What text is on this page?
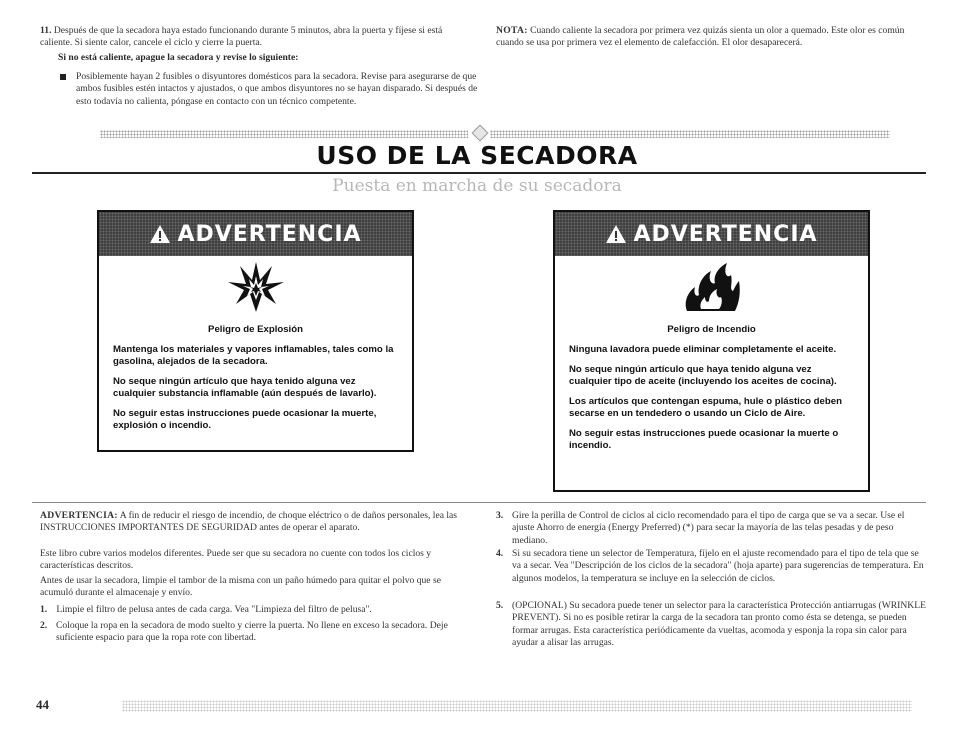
11. Después de que la secadora haya estado funcionando durante 5 minutos, abra la puerta y fíjese si está caliente. Si siente calor, cancele el ciclo y cierre la puerta.
Si no está caliente, apague la secadora y revise lo siguiente:
Posiblemente hayan 2 fusibles o disyuntores domésticos para la secadora. Revise para asegurarse de que ambos fusibles estén intactos y ajustados, o que ambos disyuntores no se hayan disparado. Si después de esto todavía no calienta, póngase en contacto con un técnico competente.
NOTA: Cuando caliente la secadora por primera vez quizás sienta un olor a quemado. Este olor es común cuando se usa por primera vez el elemento de calefacción. El olor desaparecerá.
USO DE LA SECADORA
Puesta en marcha de su secadora
ADVERTENCIA
Peligro de Explosión

Mantenga los materiales y vapores inflamables, tales como la gasolina, alejados de la secadora.

No seque ningún artículo que haya tenido alguna vez cualquier substancia inflamable (aún después de lavarlo).

No seguir estas instrucciones puede ocasionar la muerte, explosión o incendio.

ADVERTENCIA
Peligro de Incendio

Ninguna lavadora puede eliminar completamente el aceite.

No seque ningún artículo que haya tenido alguna vez cualquier tipo de aceite (incluyendo los aceites de cocina).

Los artículos que contengan espuma, hule o plástico deben secarse en un tendedero o usando un Ciclo de Aire.

No seguir estas instrucciones puede ocasionar la muerte o incendio.

ADVERTENCIA: A fin de reducir el riesgo de incendio, de choque eléctrico o de daños personales, lea las INSTRUCCIONES IMPORTANTES DE SEGURIDAD antes de operar el aparato.
Este libro cubre varios modelos diferentes. Puede ser que su secadora no cuente con todos los ciclos y características descritos.
Antes de usar la secadora, limpie el tambor de la misma con un paño húmedo para quitar el polvo que se acumuló durante el almacenaje y envío.
1. Limpie el filtro de pelusa antes de cada carga. Vea "Limpieza del filtro de pelusa".
2. Coloque la ropa en la secadora de modo suelto y cierre la puerta. No llene en exceso la secadora. Deje suficiente espacio para que la ropa rote con libertad.
3. Gire la perilla de Control de ciclos al ciclo recomendado para el tipo de carga que se va a secar. Use el ajuste Ahorro de energía (Energy Preferred) (*) para secar la mayoría de las telas pesadas y de peso mediano.
4. Si su secadora tiene un selector de Temperatura, fíjelo en el ajuste recomendado para el tipo de tela que se va a secar. Vea "Descripción de los ciclos de la secadora" (hoja aparte) para sugerencias de temperatura. En algunos modelos, la temperatura se incluye en la selección de ciclos.
5. (OPCIONAL) Su secadora puede tener un selector para la característica Protección antiarrugas (WRINKLE PREVENT). Si no es posible retirar la carga de la secadora tan pronto como ésta se detenga, se pueden formar arrugas. Esta característica periódicamente da vueltas, acomoda y esponja la ropa sin calor para ayudar a alisar las arrugas.
44
